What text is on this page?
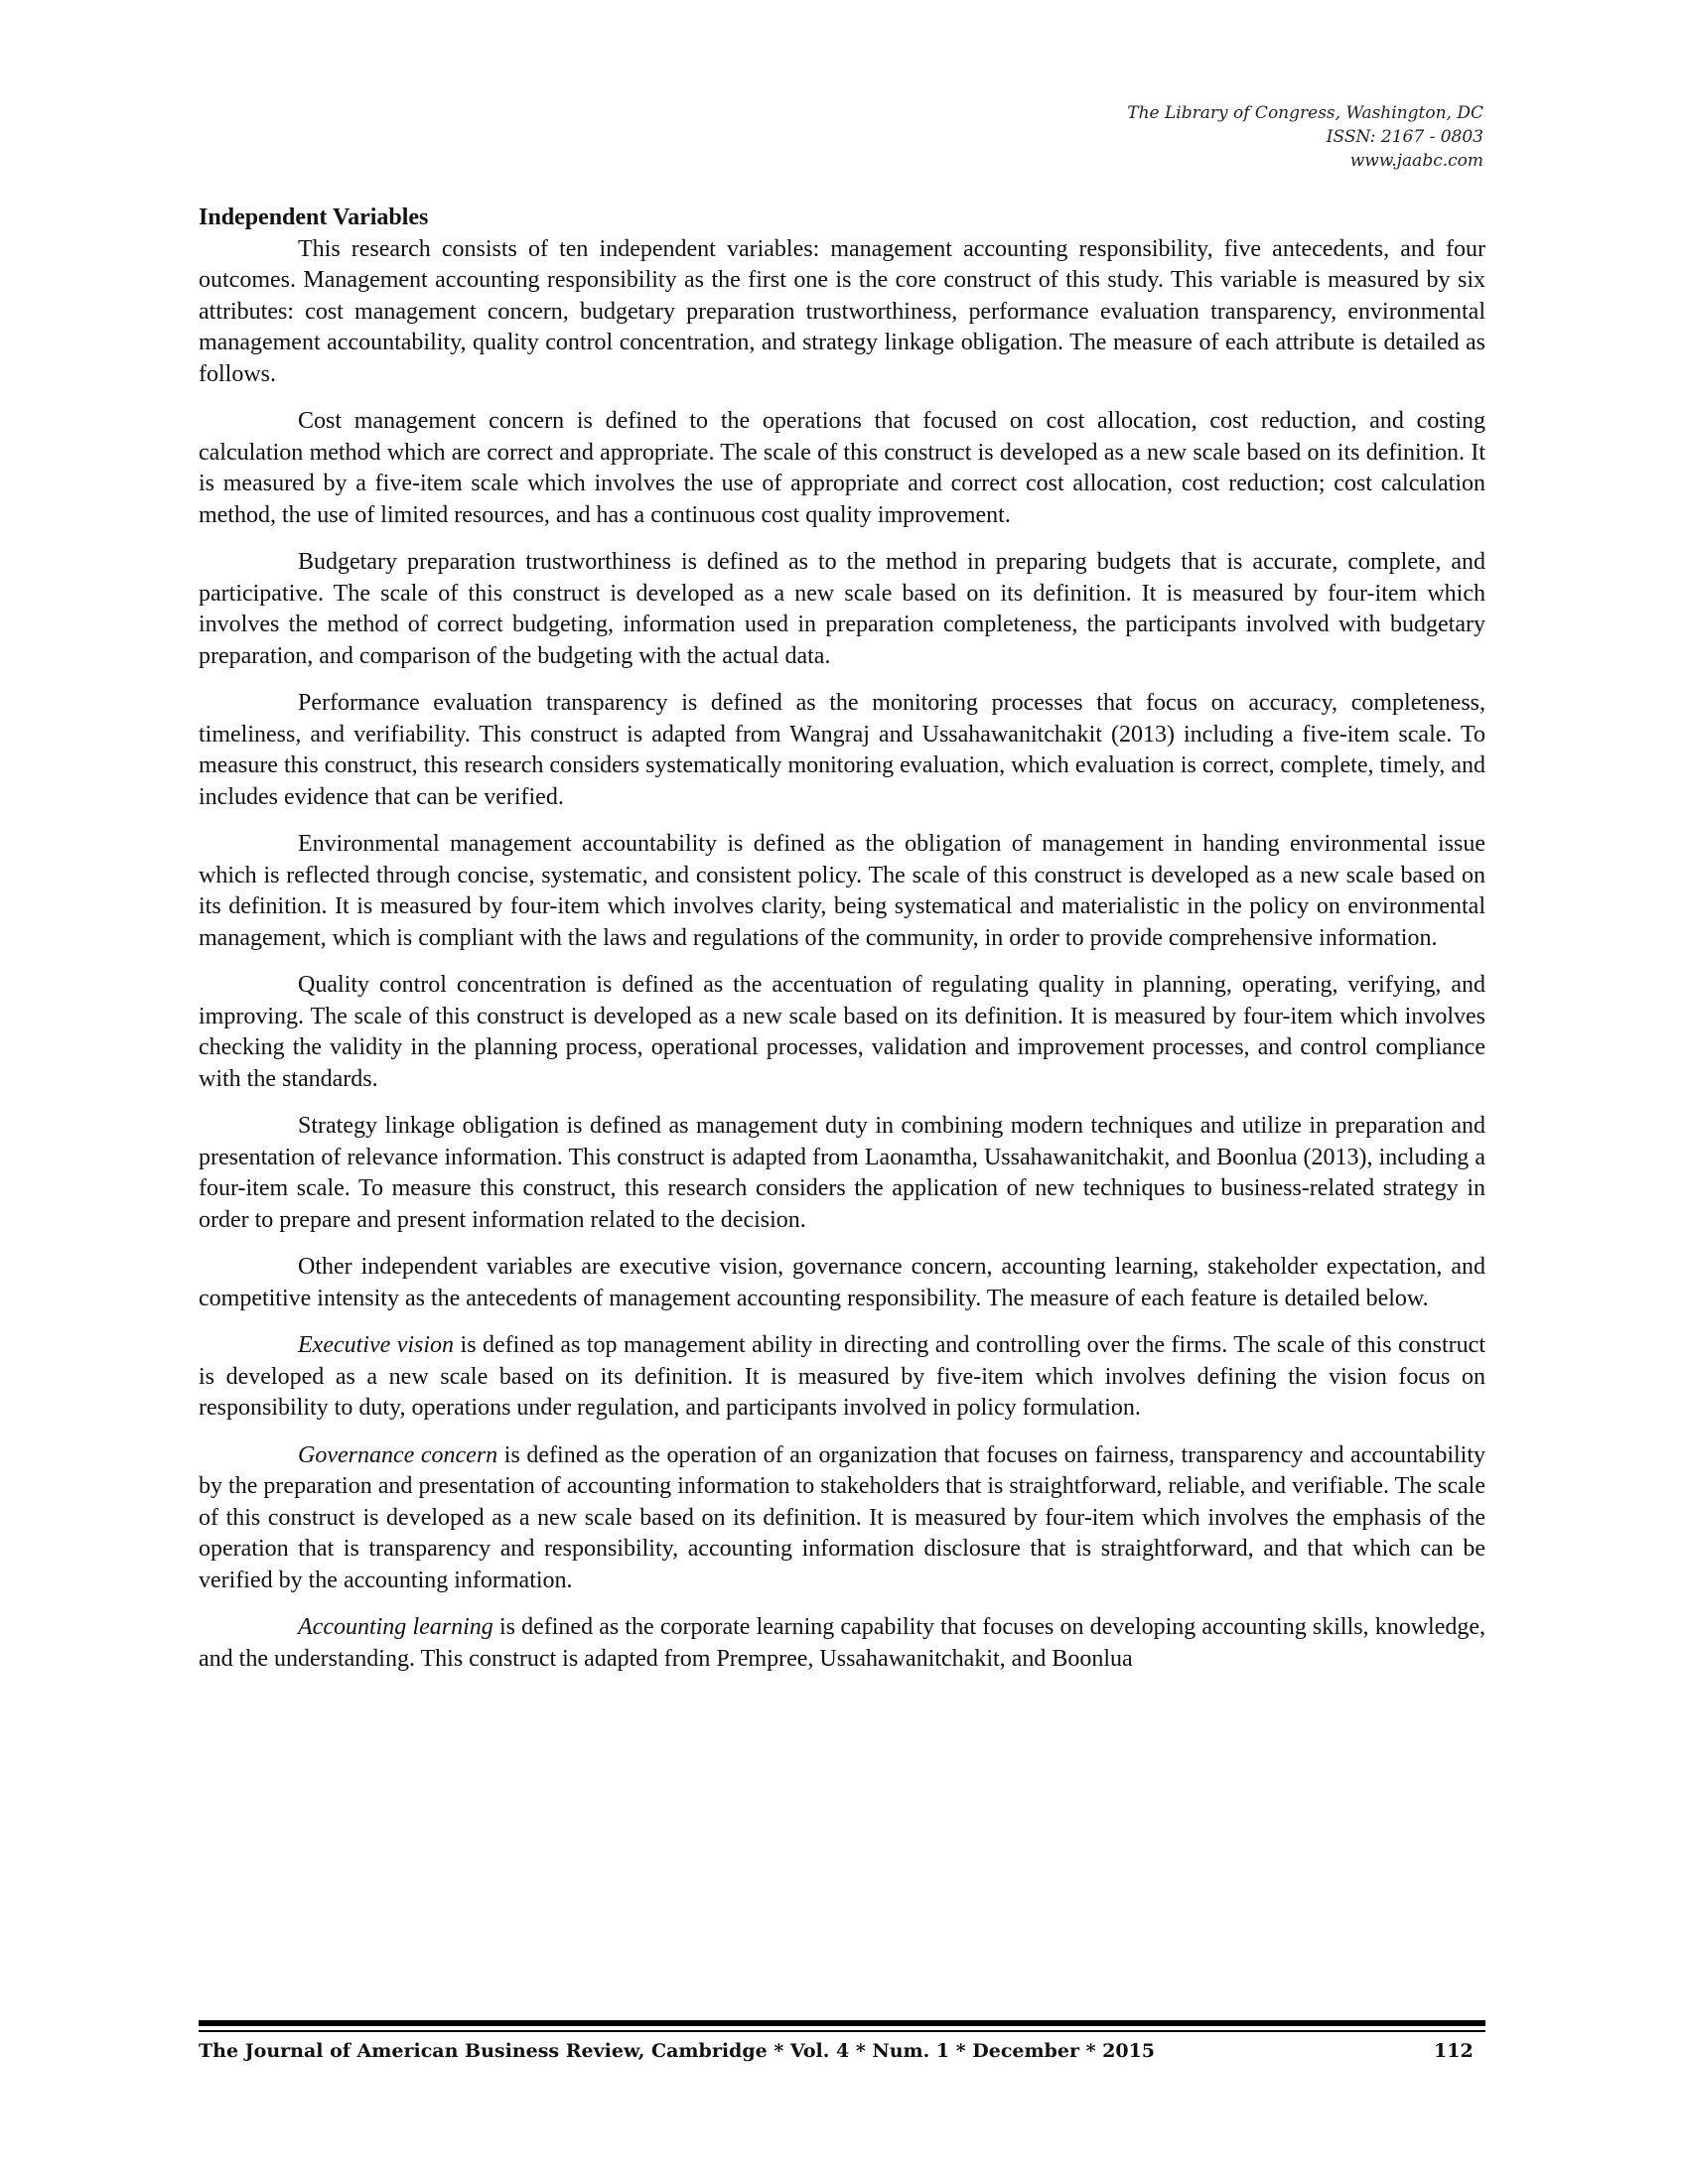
The Library of Congress, Washington, DC
ISSN: 2167 - 0803
www.jaabc.com
Independent Variables

This research consists of ten independent variables: management accounting responsibility, five antecedents, and four outcomes. Management accounting responsibility as the first one is the core construct of this study. This variable is measured by six attributes: cost management concern, budgetary preparation trustworthiness, performance evaluation transparency, environmental management accountability, quality control concentration, and strategy linkage obligation. The measure of each attribute is detailed as follows.

Cost management concern is defined to the operations that focused on cost allocation, cost reduction, and costing calculation method which are correct and appropriate. The scale of this construct is developed as a new scale based on its definition. It is measured by a five-item scale which involves the use of appropriate and correct cost allocation, cost reduction; cost calculation method, the use of limited resources, and has a continuous cost quality improvement.

Budgetary preparation trustworthiness is defined as to the method in preparing budgets that is accurate, complete, and participative. The scale of this construct is developed as a new scale based on its definition. It is measured by four-item which involves the method of correct budgeting, information used in preparation completeness, the participants involved with budgetary preparation, and comparison of the budgeting with the actual data.

Performance evaluation transparency is defined as the monitoring processes that focus on accuracy, completeness, timeliness, and verifiability. This construct is adapted from Wangraj and Ussahawanitchakit (2013) including a five-item scale. To measure this construct, this research considers systematically monitoring evaluation, which evaluation is correct, complete, timely, and includes evidence that can be verified.

Environmental management accountability is defined as the obligation of management in handing environmental issue which is reflected through concise, systematic, and consistent policy. The scale of this construct is developed as a new scale based on its definition. It is measured by four-item which involves clarity, being systematical and materialistic in the policy on environmental management, which is compliant with the laws and regulations of the community, in order to provide comprehensive information.

Quality control concentration is defined as the accentuation of regulating quality in planning, operating, verifying, and improving. The scale of this construct is developed as a new scale based on its definition. It is measured by four-item which involves checking the validity in the planning process, operational processes, validation and improvement processes, and control compliance with the standards.

Strategy linkage obligation is defined as management duty in combining modern techniques and utilize in preparation and presentation of relevance information. This construct is adapted from Laonamtha, Ussahawanitchakit, and Boonlua (2013), including a four-item scale. To measure this construct, this research considers the application of new techniques to business-related strategy in order to prepare and present information related to the decision.

Other independent variables are executive vision, governance concern, accounting learning, stakeholder expectation, and competitive intensity as the antecedents of management accounting responsibility. The measure of each feature is detailed below.

Executive vision is defined as top management ability in directing and controlling over the firms. The scale of this construct is developed as a new scale based on its definition. It is measured by five-item which involves defining the vision focus on responsibility to duty, operations under regulation, and participants involved in policy formulation.

Governance concern is defined as the operation of an organization that focuses on fairness, transparency and accountability by the preparation and presentation of accounting information to stakeholders that is straightforward, reliable, and verifiable. The scale of this construct is developed as a new scale based on its definition. It is measured by four-item which involves the emphasis of the operation that is transparency and responsibility, accounting information disclosure that is straightforward, and that which can be verified by the accounting information.

Accounting learning is defined as the corporate learning capability that focuses on developing accounting skills, knowledge, and the understanding. This construct is adapted from Prempree, Ussahawanitchakit, and Boonlua

The Journal of American Business Review, Cambridge * Vol. 4 * Num. 1 * December * 2015	112
